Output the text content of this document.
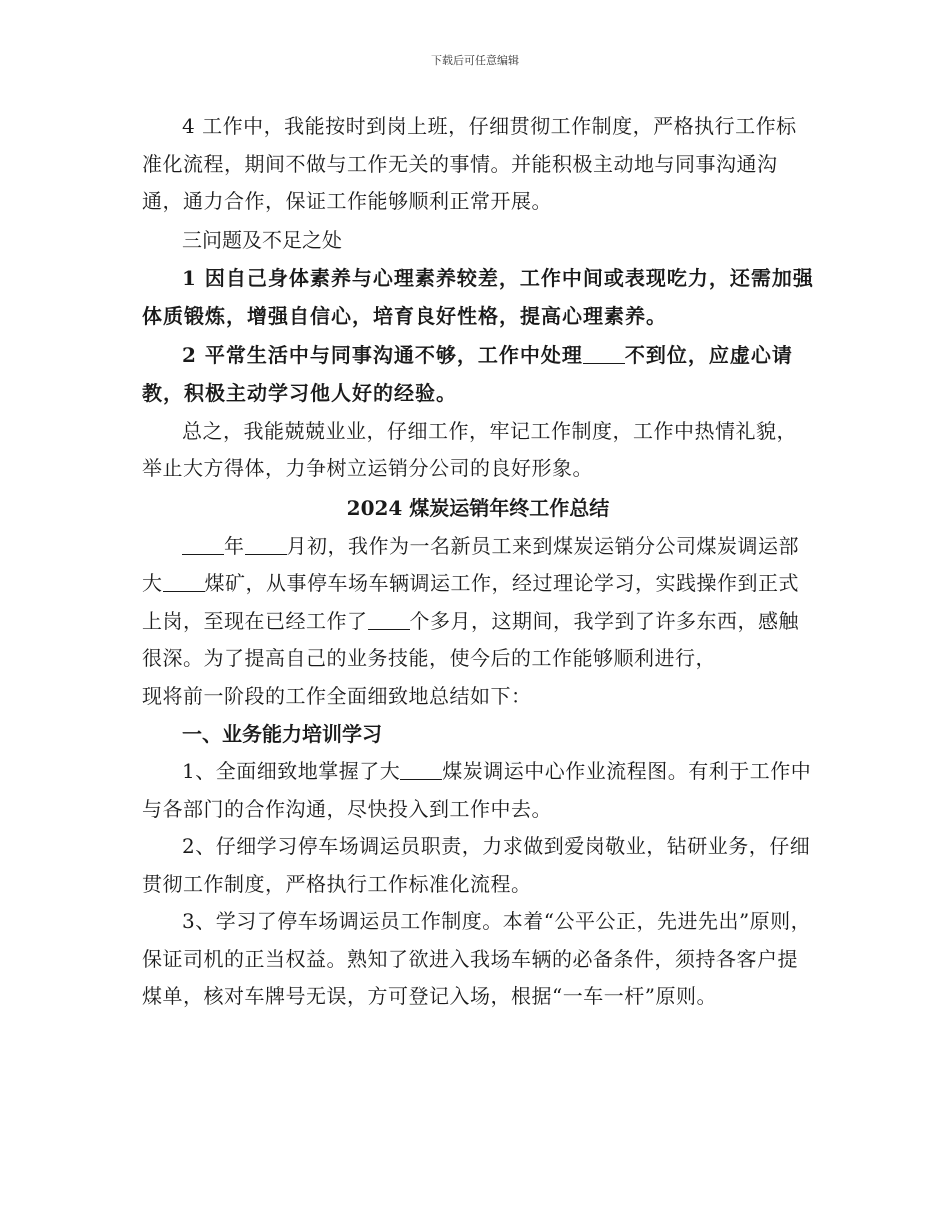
下载后可任意编辑

4 工作中，我能按时到岗上班，仔细贯彻工作制度，严格执行工作标准化流程，期间不做与工作无关的事情。并能积极主动地与同事沟通沟通，通力合作，保证工作能够顺利正常开展。

三问题及不足之处

1 因自己身体素养与心理素养较差，工作中间或表现吃力，还需加强体质锻炼，增强自信心，培育良好性格，提高心理素养。

2 平常生活中与同事沟通不够，工作中处理 不到位，应虚心请教，积极主动学习他人好的经验。

总之，我能兢兢业业，仔细工作，牢记工作制度，工作中热情礼貌，举止大方得体，力争树立运销分公司的良好形象。

2024 煤炭运销年终工作总结

年 月初，我作为一名新员工来到煤炭运销分公司煤炭调运部大 煤矿，从事停车场车辆调运工作，经过理论学习，实践操作到正式上岗，至现在已经工作了 个多月，这期间，我学到了许多东西，感触很深。为了提高自己的业务技能，使今后的工作能够顺利进行，

现将前一阶段的工作全面细致地总结如下：

一、业务能力培训学习

1、全面细致地掌握了大 煤炭调运中心作业流程图。有利于工作中与各部门的合作沟通，尽快投入到工作中去。

2、仔细学习停车场调运员职责，力求做到爱岗敬业，钻研业务，仔细贯彻工作制度，严格执行工作标准化流程。

3、学习了停车场调运员工作制度。本着“公平公正，先进先出”原则，保证司机的正当权益。熟知了欲进入我场车辆的必备条件，须持各客户提煤单，核对车牌号无误，方可登记入场，根据“一车一杆”原则。
